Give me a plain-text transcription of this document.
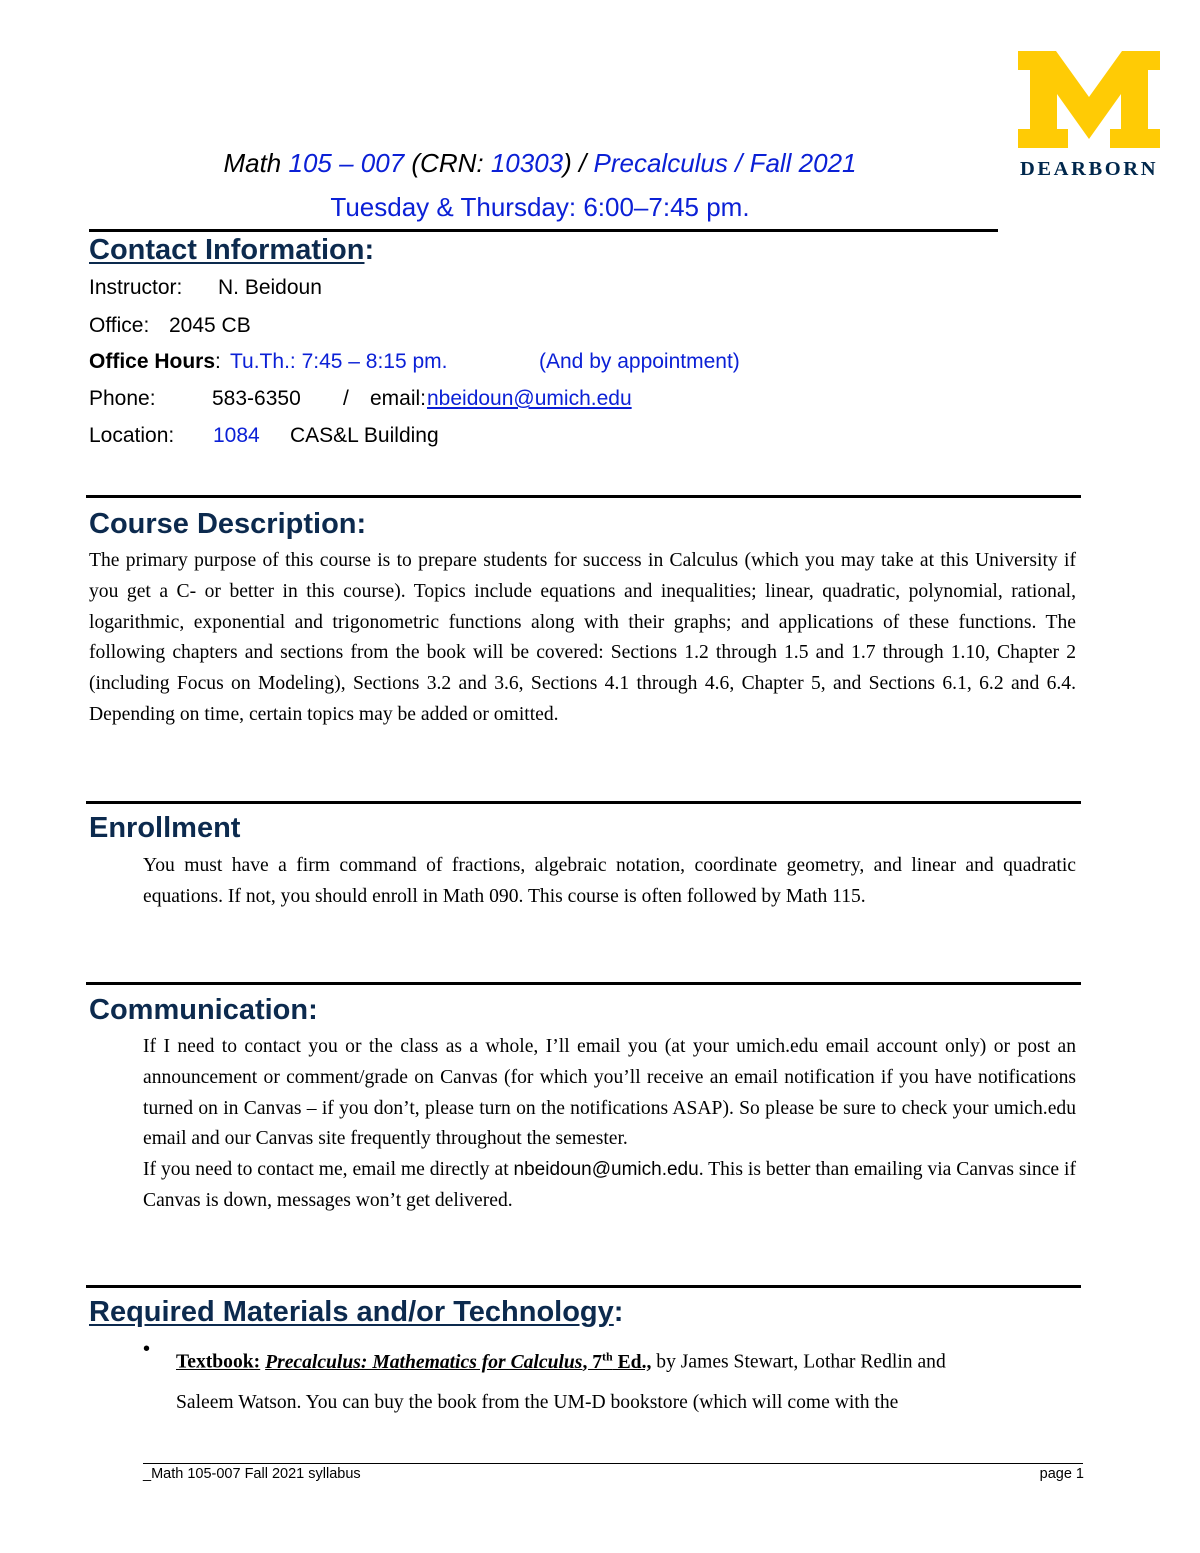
DEARBORN
Math 105 – 007 (CRN: 10303) / Precalculus / Fall 2021
Tuesday & Thursday: 6:00–7:45 pm.
Contact Information:
Instructor: N. Beidoun
Office: 2045 CB
Office Hours: Tu.Th.: 7:45 – 8:15 pm.	(And by appointment)
Phone:	583-6350 / email: nbeidoun@umich.edu
Location: 1084 CAS&L Building
Course Description:
The primary purpose of this course is to prepare students for success in Calculus (which you may take at this University if you get a C- or better in this course). Topics include equations and inequalities; linear, quadratic, polynomial, rational, logarithmic, exponential and trigonometric functions along with their graphs; and applications of these functions. The following chapters and sections from the book will be covered: Sections 1.2 through 1.5 and 1.7 through 1.10, Chapter 2 (including Focus on Modeling), Sections 3.2 and 3.6, Sections 4.1 through 4.6, Chapter 5, and Sections 6.1, 6.2 and 6.4. Depending on time, certain topics may be added or omitted.
Enrollment
You must have a firm command of fractions, algebraic notation, coordinate geometry, and linear and quadratic equations. If not, you should enroll in Math 090. This course is often followed by Math 115.
Communication:
If I need to contact you or the class as a whole, I’ll email you (at your umich.edu email account only) or post an announcement or comment/grade on Canvas (for which you’ll receive an email notification if you have notifications turned on in Canvas – if you don’t, please turn on the notifications ASAP). So please be sure to check your umich.edu email and our Canvas site frequently throughout the semester.
If you need to contact me, email me directly at nbeidoun@umich.edu. This is better than emailing via Canvas since if Canvas is down, messages won’t get delivered.
Required Materials and/or Technology:
•
Textbook: Precalculus: Mathematics for Calculus, 7th Ed., by James Stewart, Lothar Redlin and
Saleem Watson. You can buy the book from the UM-D bookstore (which will come with the
_Math 105-007 Fall 2021 syllabus	page 1
